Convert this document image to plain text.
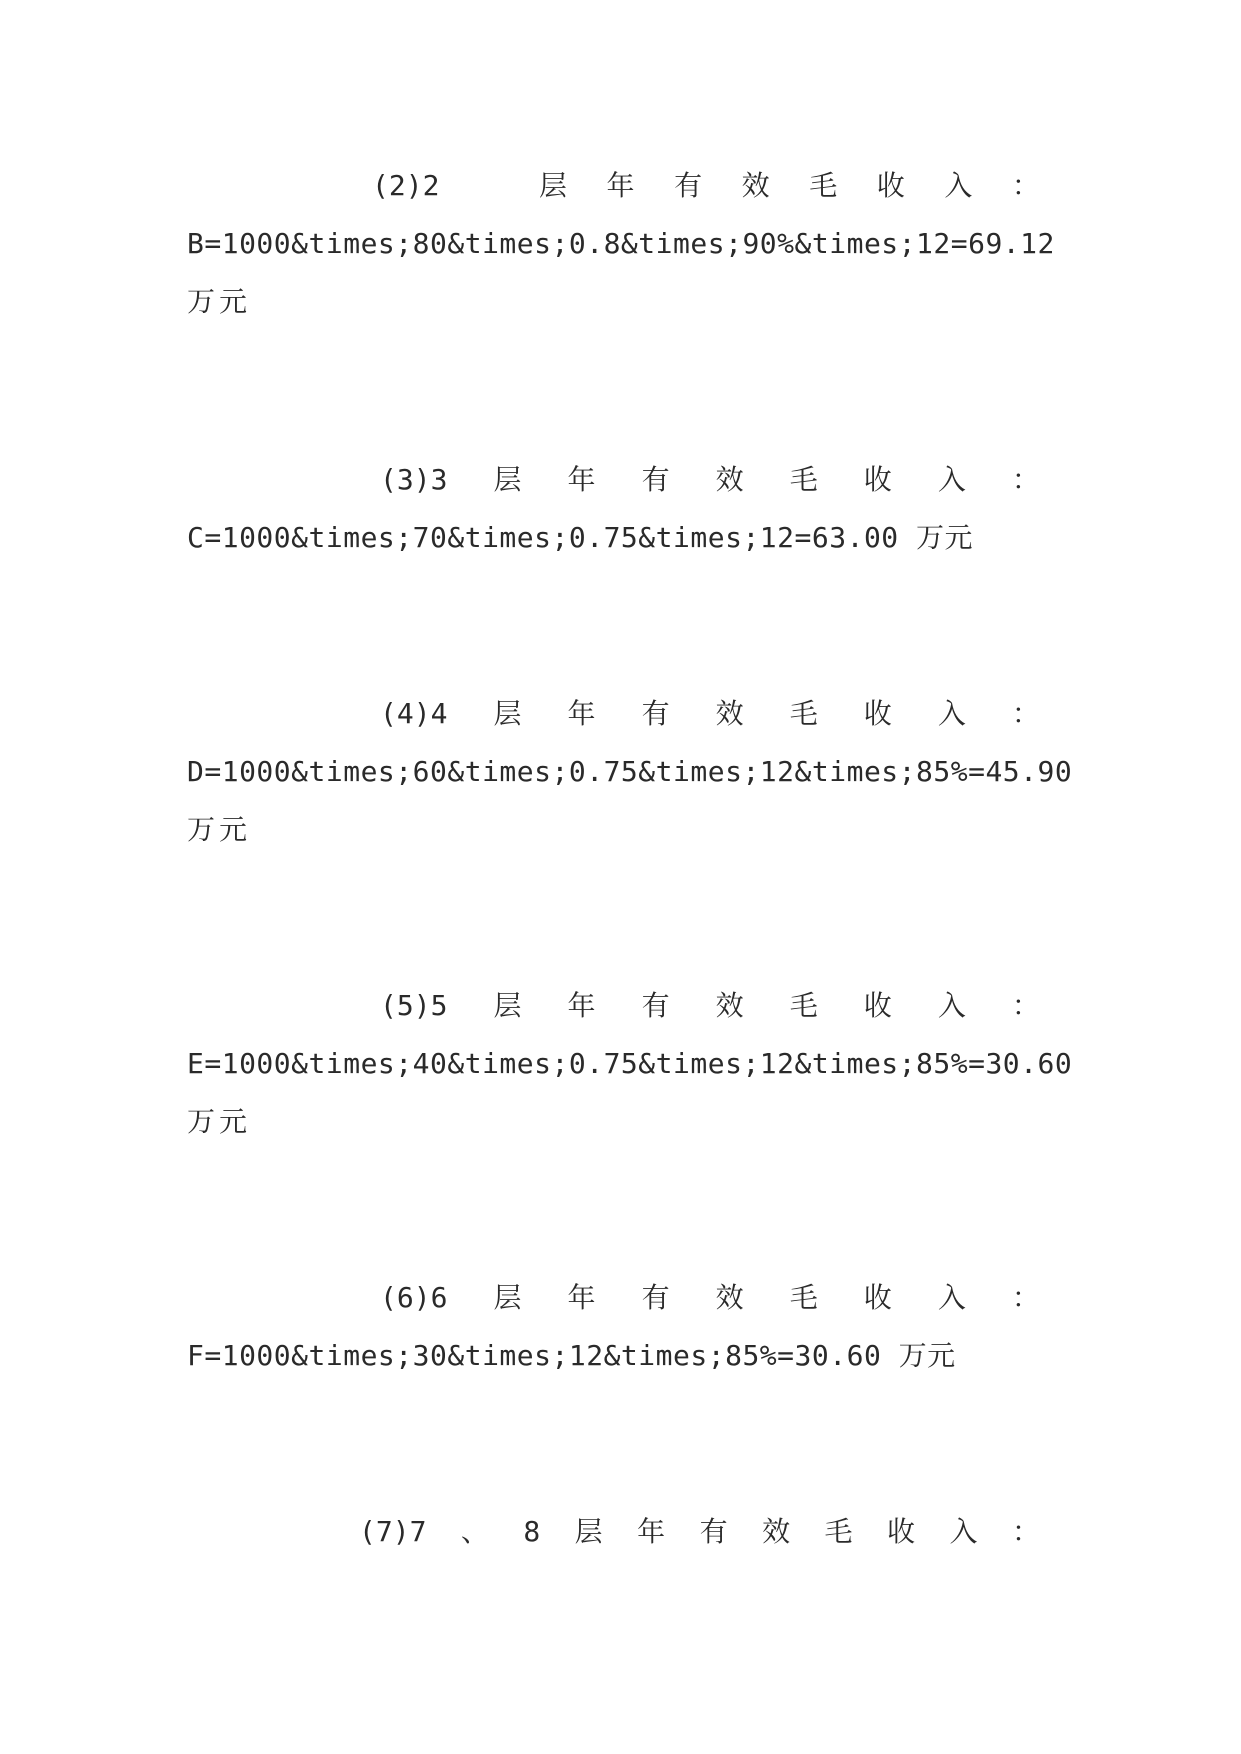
(2)2	层 年 有 效 毛 收 入 ：
B=1000&times;80&times;0.8&times;90%&times;12=69.12
万元
(3)3 层 年 有 效 毛 收 入 ：
C=1000&times;70&times;0.75&times;12=63.00 万元
(4)4 层 年 有 效 毛 收 入 ：
D=1000&times;60&times;0.75&times;12&times;85%=45.90
万元
(5)5 层 年 有 效 毛 收 入 ：
E=1000&times;40&times;0.75&times;12&times;85%=30.60
万元
(6)6 层 年 有 效 毛 收 入 ：
F=1000&times;30&times;12&times;85%=30.60 万元
(7)7 、 8 层 年 有 效 毛 收 入 ：
